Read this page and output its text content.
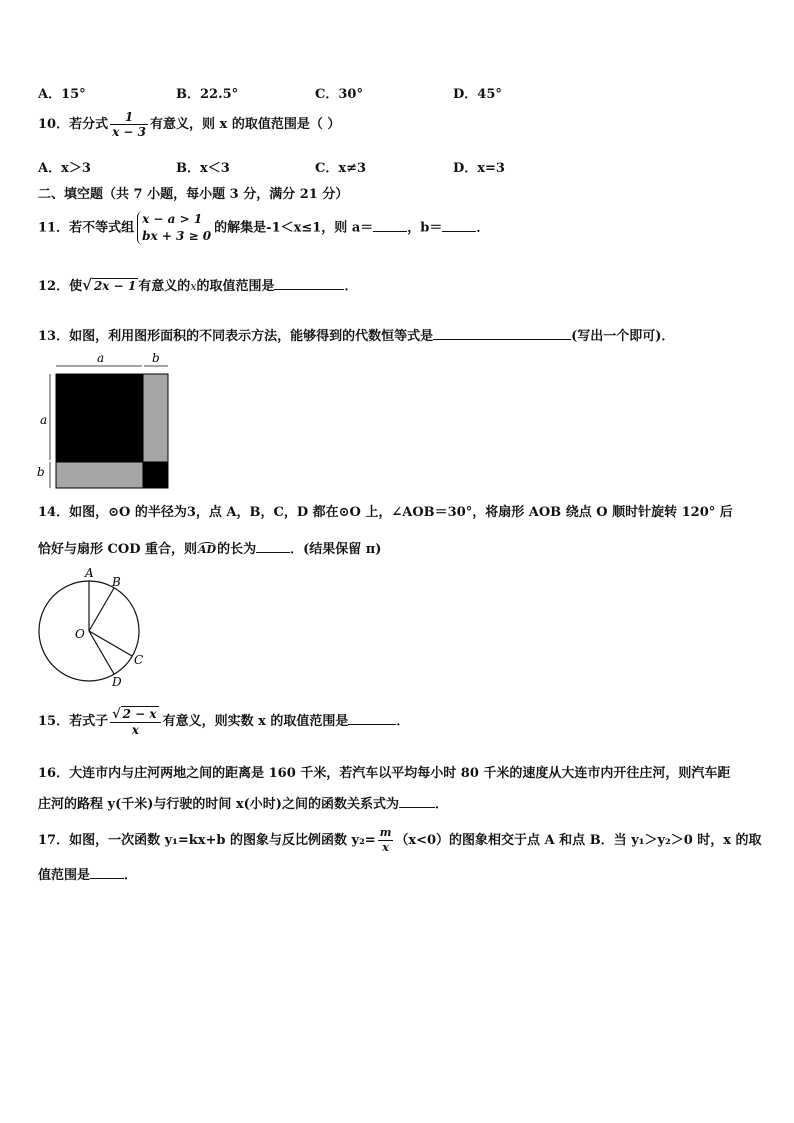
A．15°	B．22.5°	C．30°	D．45°
10．若分式 $\frac{1}{x - 3}$ 有意义，则 x 的取值范围是（ ）
A．x＞3	B．x＜3	C．x≠3	D．x=3
二、填空题（共 7 小题，每小题 3 分，满分 21 分）
11．若不等式组
x − a > 1
bx + 3 ≥ 0
的解集是-1＜x≤1，则 a＝	，b＝	．
12．使√ 2x − 1 有意义的x的取值范围是	．
13．如图，利用图形面积的不同表示方法，能够得到的代数恒等式是	(写出一个即可)．
a	b
a
b
14．如图，⊙O 的半径为3，点 A，B，C，D 都在⊙O 上，∠AOB＝30°，将扇形 AOB 绕点 O 顺时针旋转 120° 后
恰好与扇形 COD 重合，则AD的长为	．(结果保留 π)
A
B
C
D
O
15．若式子 $\frac{√ 2 - x}{x}$ 有意义，则实数 x 的取值范围是	．
16．大连市内与庄河两地之间的距离是 160 千米，若汽车以平均每小时 80 千米的速度从大连市内开往庄河，则汽车距
庄河的路程 y(千米)与行驶的时间 x(小时)之间的函数关系式为	．
17．如图，一次函数 y₁=kx+b 的图象与反比例函数 $y_2= \frac{m}{x} (x<0)$的图象相交于点 A 和点 B．当 y₁＞y₂＞0 时，x 的取
值范围是	．
